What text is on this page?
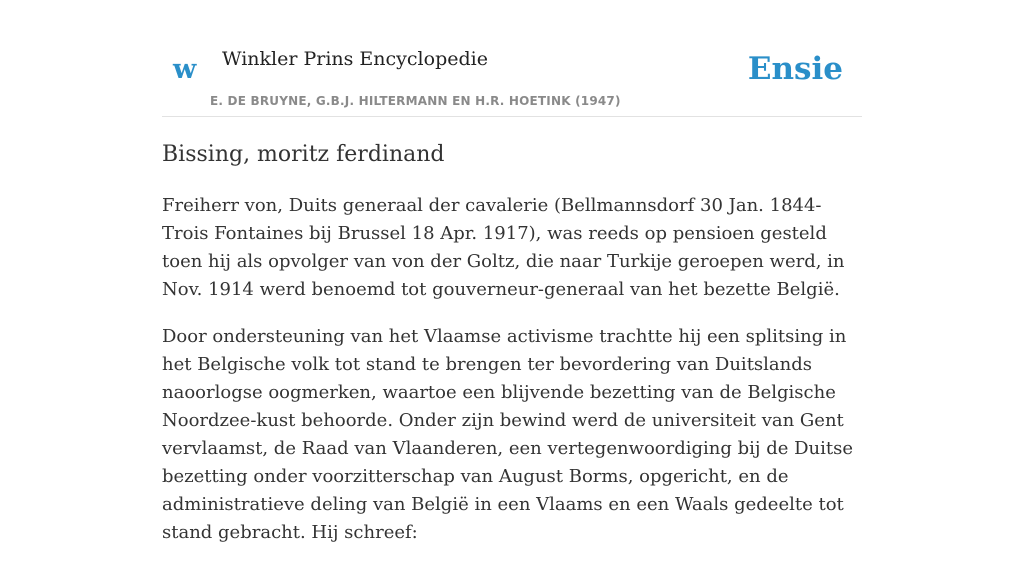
w Winkler Prins Encyclopedie
E. DE BRUYNE, G.B.J. HILTERMANN EN H.R. HOETINK (1947)
Ensie
Bissing, moritz ferdinand

Freiherr von, Duits generaal der cavalerie (Bellmannsdorf 30 Jan. 1844-Trois Fontaines bij Brussel 18 Apr. 1917), was reeds op pensioen gesteld toen hij als opvolger van von der Goltz, die naar Turkije geroepen werd, in Nov. 1914 werd benoemd tot gouverneur-generaal van het bezette België.

Door ondersteuning van het Vlaamse activisme trachtte hij een splitsing in het Belgische volk tot stand te brengen ter bevordering van Duitslands naoorlogse oogmerken, waartoe een blijvende bezetting van de Belgische Noordzee-kust behoorde. Onder zijn bewind werd de universiteit van Gent vervlaamst, de Raad van Vlaanderen, een vertegenwoordiging bij de Duitse bezetting onder voorzitterschap van August Borms, opgericht, en de administratieve deling van België in een Vlaams en een Waals gedeelte tot stand gebracht. Hij schreef:
